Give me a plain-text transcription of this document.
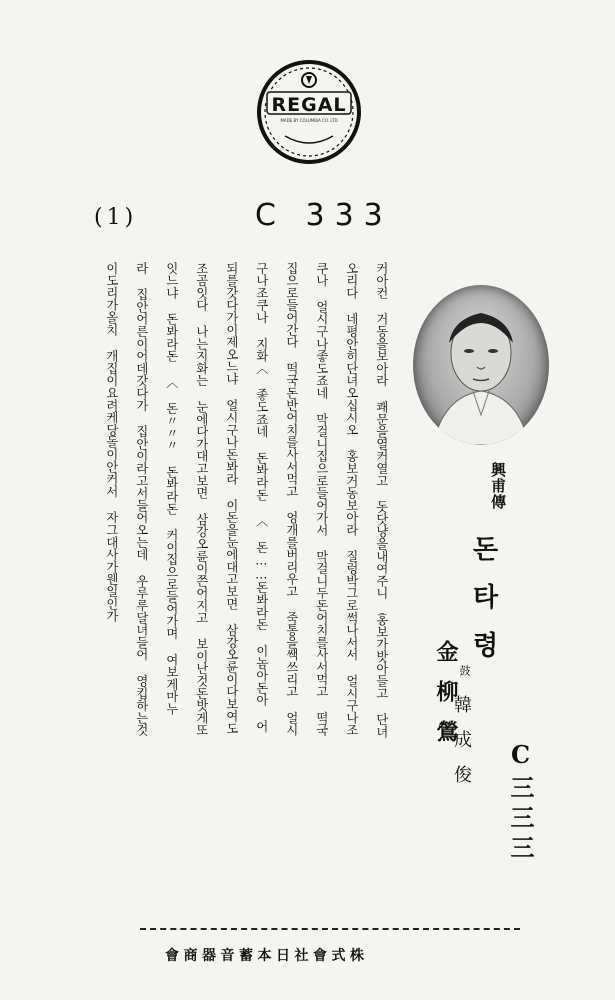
REGAL
MADE BY COLUMBIA CO. LTD
(1)	C 333
커아컨 거동을보아라 쾌문을열커열고 돗닷냥을내여주니 홍보가밧아들고 단녀
오리다 네평안히단녀오십시오 홍보거동보아라 질렁박그로썩나서서 얼시구나조
쿠나 얼시구나좋도죠네 막걸니집으로들어가서 막걸니두돈어치를사서먹고 떡국
집으로들어간다 떡국돈반어치를사서먹고 엉개를버리우고 죽통을쌕쓰리고 얼시
구나조쿠나 지화〈 좋도죠네 돈봐라돈 〈 돈……돈봐라돈 이놈아돈아 어
되를갓다가이제오느냐 얼시구나돈봐라 이돈을눈에대고보면 삼강오륜이다보여도
조곰잇다 나는지화는 눈에다가대고보면 삼강오륜이쯘어지고 보이난것돈밧게또
잇느냐 돈봐라돈 〈 돈〃〃〃 돈봐라돈 커이집으로들어가며 여보게마누
라 집안어른이어데갓다가 집안이라고서들어오는데 우루루달녀들어 영킵하는것
이도리가올치 개집이요려케당돌이안커서 자그대사가웬일인가	興甫傳
돈타령
金柳鶯 鼓
韓成俊 C三三三
會商器音蓄本日社會式株
